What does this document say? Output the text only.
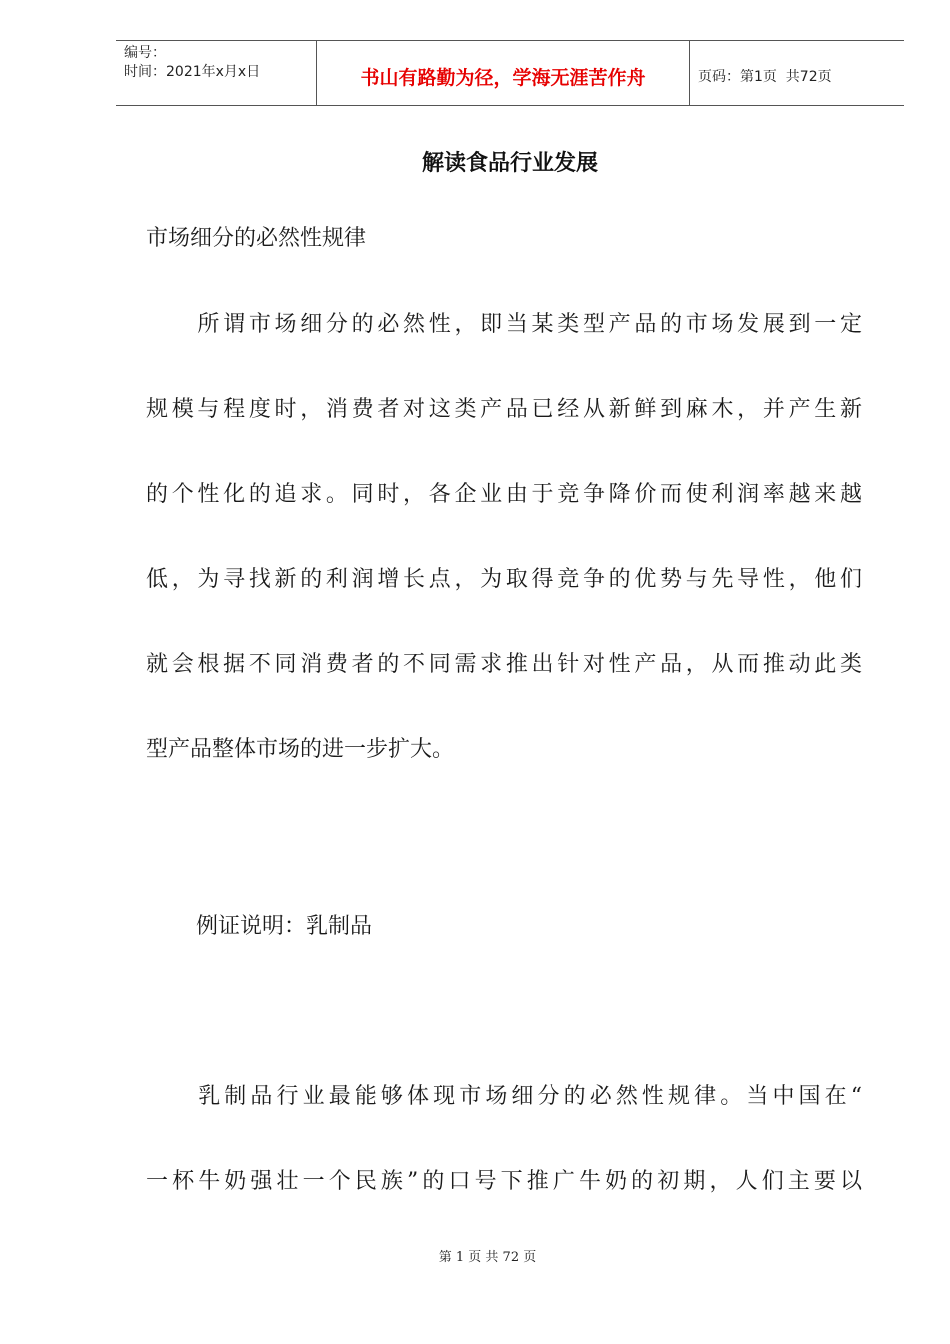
编号：
时间：2021年x月x日	书山有路勤为径，学海无涯苦作舟	页码：第1页  共72页
解读食品行业发展
市场细分的必然性规律
　　所谓市场细分的必然性，即当某类型产品的市场发展到一定
规模与程度时，消费者对这类产品已经从新鲜到麻木，并产生新
的个性化的追求。同时，各企业由于竞争降价而使利润率越来越
低，为寻找新的利润增长点，为取得竞争的优势与先导性，他们
就会根据不同消费者的不同需求推出针对性产品，从而推动此类
型产品整体市场的进一步扩大。
例证说明：乳制品
　　乳制品行业最能够体现市场细分的必然性规律。当中国在“
一杯牛奶强壮一个民族”的口号下推广牛奶的初期，人们主要以
第 1 页 共 72 页
